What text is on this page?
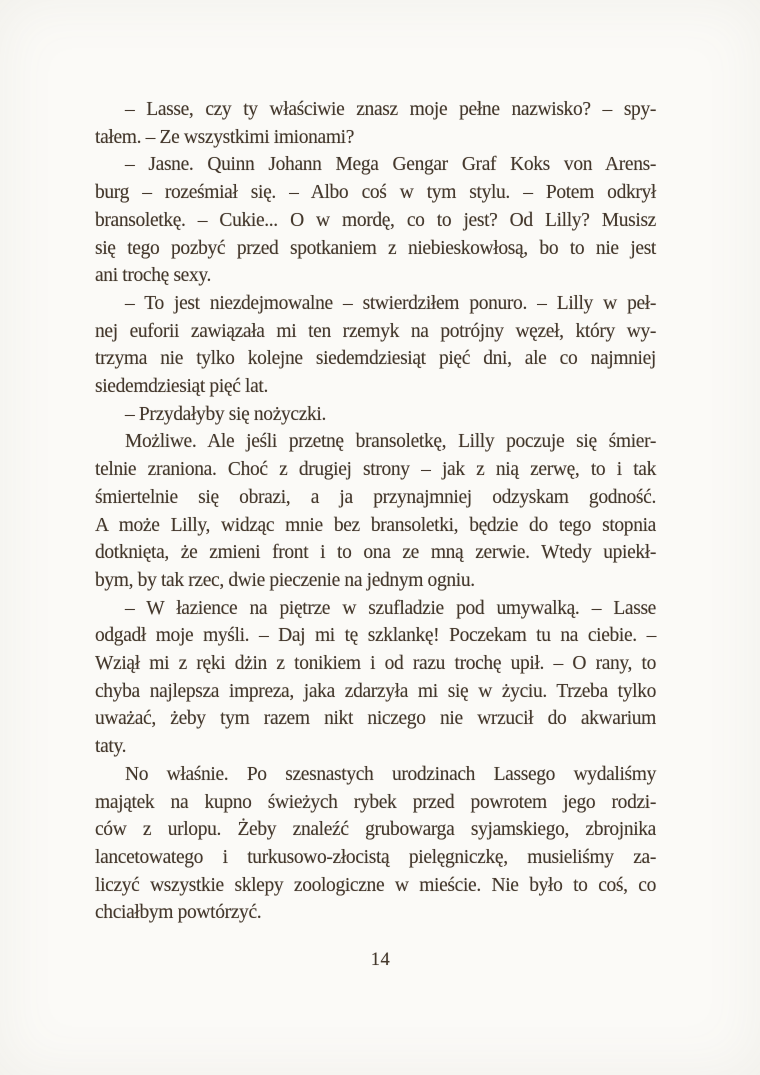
– Lasse, czy ty właściwie znasz moje pełne nazwisko? – spy-
tałem. – Ze wszystkimi imionami?
– Jasne. Quinn Johann Mega Gengar Graf Koks von Arens-
burg – roześmiał się. – Albo coś w tym stylu. – Potem odkrył
bransoletkę. – Cukie... O w mordę, co to jest? Od Lilly? Musisz
się tego pozbyć przed spotkaniem z niebieskowłosą, bo to nie jest
ani trochę sexy.
– To jest niezdejmowalne – stwierdziłem ponuro. – Lilly w peł-
nej euforii zawiązała mi ten rzemyk na potrójny węzeł, który wy-
trzyma nie tylko kolejne siedemdziesiąt pięć dni, ale co najmniej
siedemdziesiąt pięć lat.
– Przydałyby się nożyczki.
Możliwe. Ale jeśli przetnę bransoletkę, Lilly poczuje się śmier-
telnie zraniona. Choć z drugiej strony – jak z nią zerwę, to i tak
śmiertelnie się obrazi, a ja przynajmniej odzyskam godność.
A może Lilly, widząc mnie bez bransoletki, będzie do tego stopnia
dotknięta, że zmieni front i to ona ze mną zerwie. Wtedy upiekł-
bym, by tak rzec, dwie pieczenie na jednym ogniu.
– W łazience na piętrze w szufladzie pod umywalką. – Lasse
odgadł moje myśli. – Daj mi tę szklankę! Poczekam tu na ciebie. –
Wziął mi z ręki dżin z tonikiem i od razu trochę upił. – O rany, to
chyba najlepsza impreza, jaka zdarzyła mi się w życiu. Trzeba tylko
uważać, żeby tym razem nikt niczego nie wrzucił do akwarium
taty.
No właśnie. Po szesnastych urodzinach Lassego wydaliśmy
majątek na kupno świeżych rybek przed powrotem jego rodzi-
ców z urlopu. Żeby znaleźć grubowarga syjamskiego, zbrojnika
lancetowatego i turkusowo-złocistą pielęgniczkę, musieliśmy za-
liczyć wszystkie sklepy zoologiczne w mieście. Nie było to coś, co
chciałbym powtórzyć.
14
